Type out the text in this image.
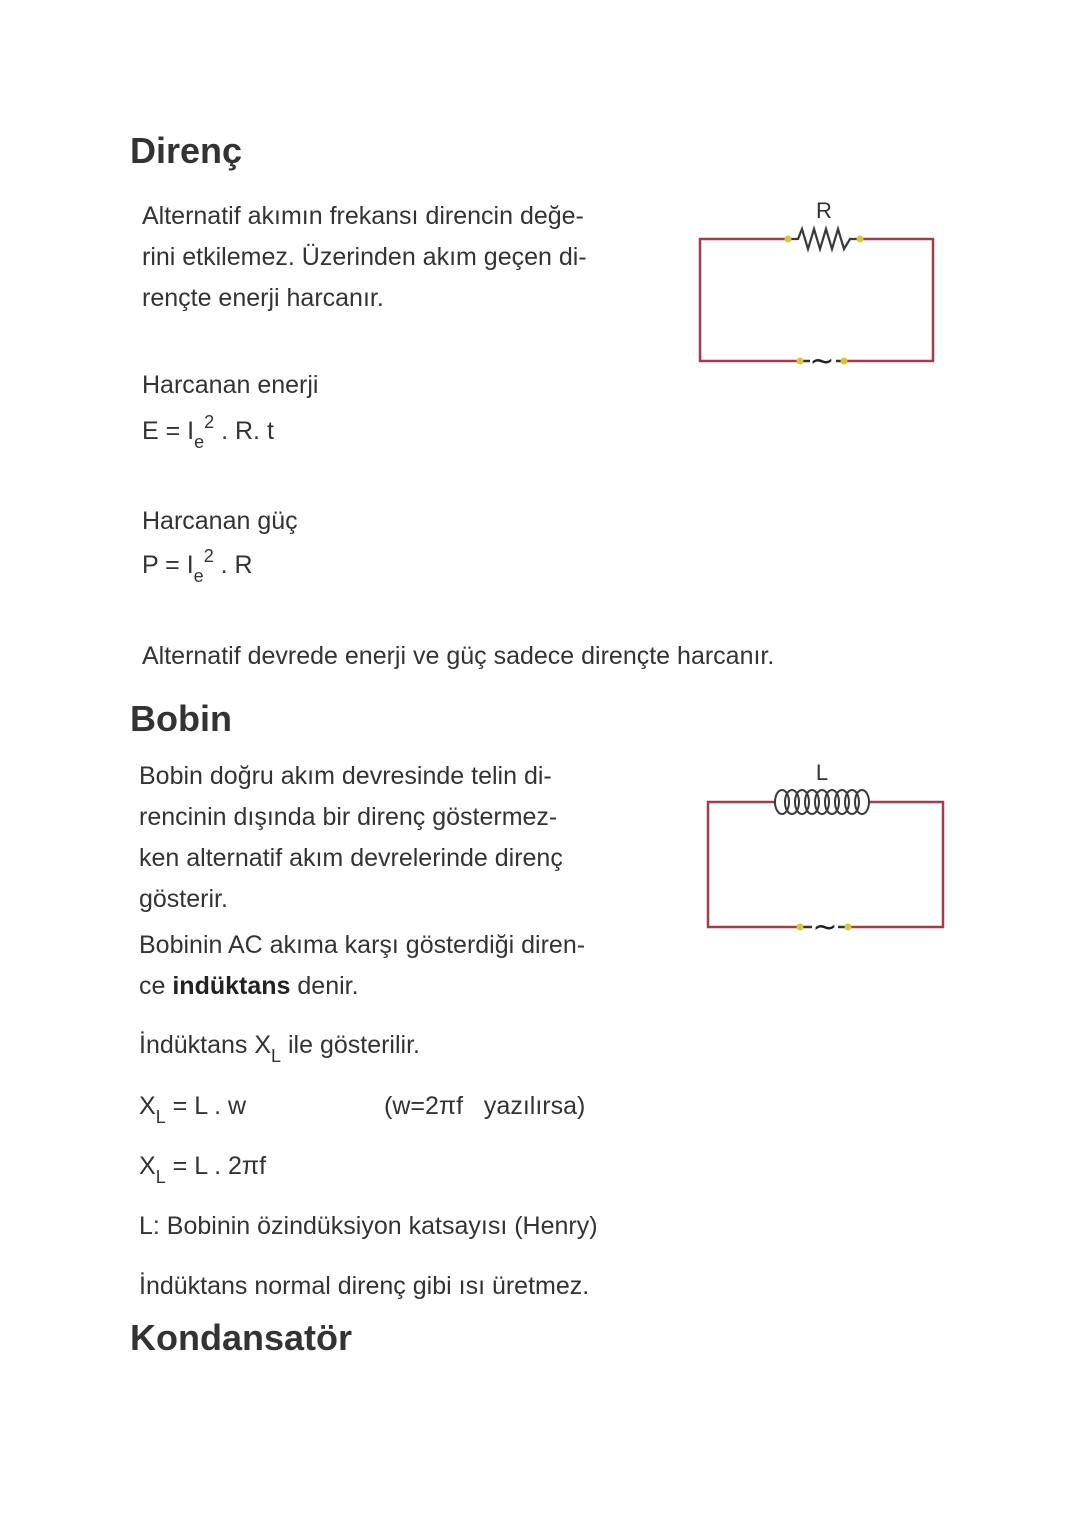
Direnç
Alternatif akımın frekansı direncin değe-
rini etkilemez. Üzerinden akım geçen di-
rençte enerji harcanır.
R
~
Harcanan enerji
$E = I_e^2$ . R. t
Harcanan güç
$P = I_e^2$ . R
Alternatif devrede enerji ve güç sadece dirençte harcanır.
Bobin
Bobin doğru akım devresinde telin di-
rencinin dışında bir direnç göstermez-
ken alternatif akım devrelerinde direnç
gösterir.
Bobinin AC akıma karşı gösterdiği diren-
ce indüktans denir.
L
~
İndüktans $X_L$ ile gösterilir.
$X_L = L$ . w	(w=2πf   yazılırsa)
$X_L = L$ . 2πf
L: Bobinin özindüksiyon katsayısı (Henry)
İndüktans normal direnç gibi ısı üretmez.
Kondansatör
